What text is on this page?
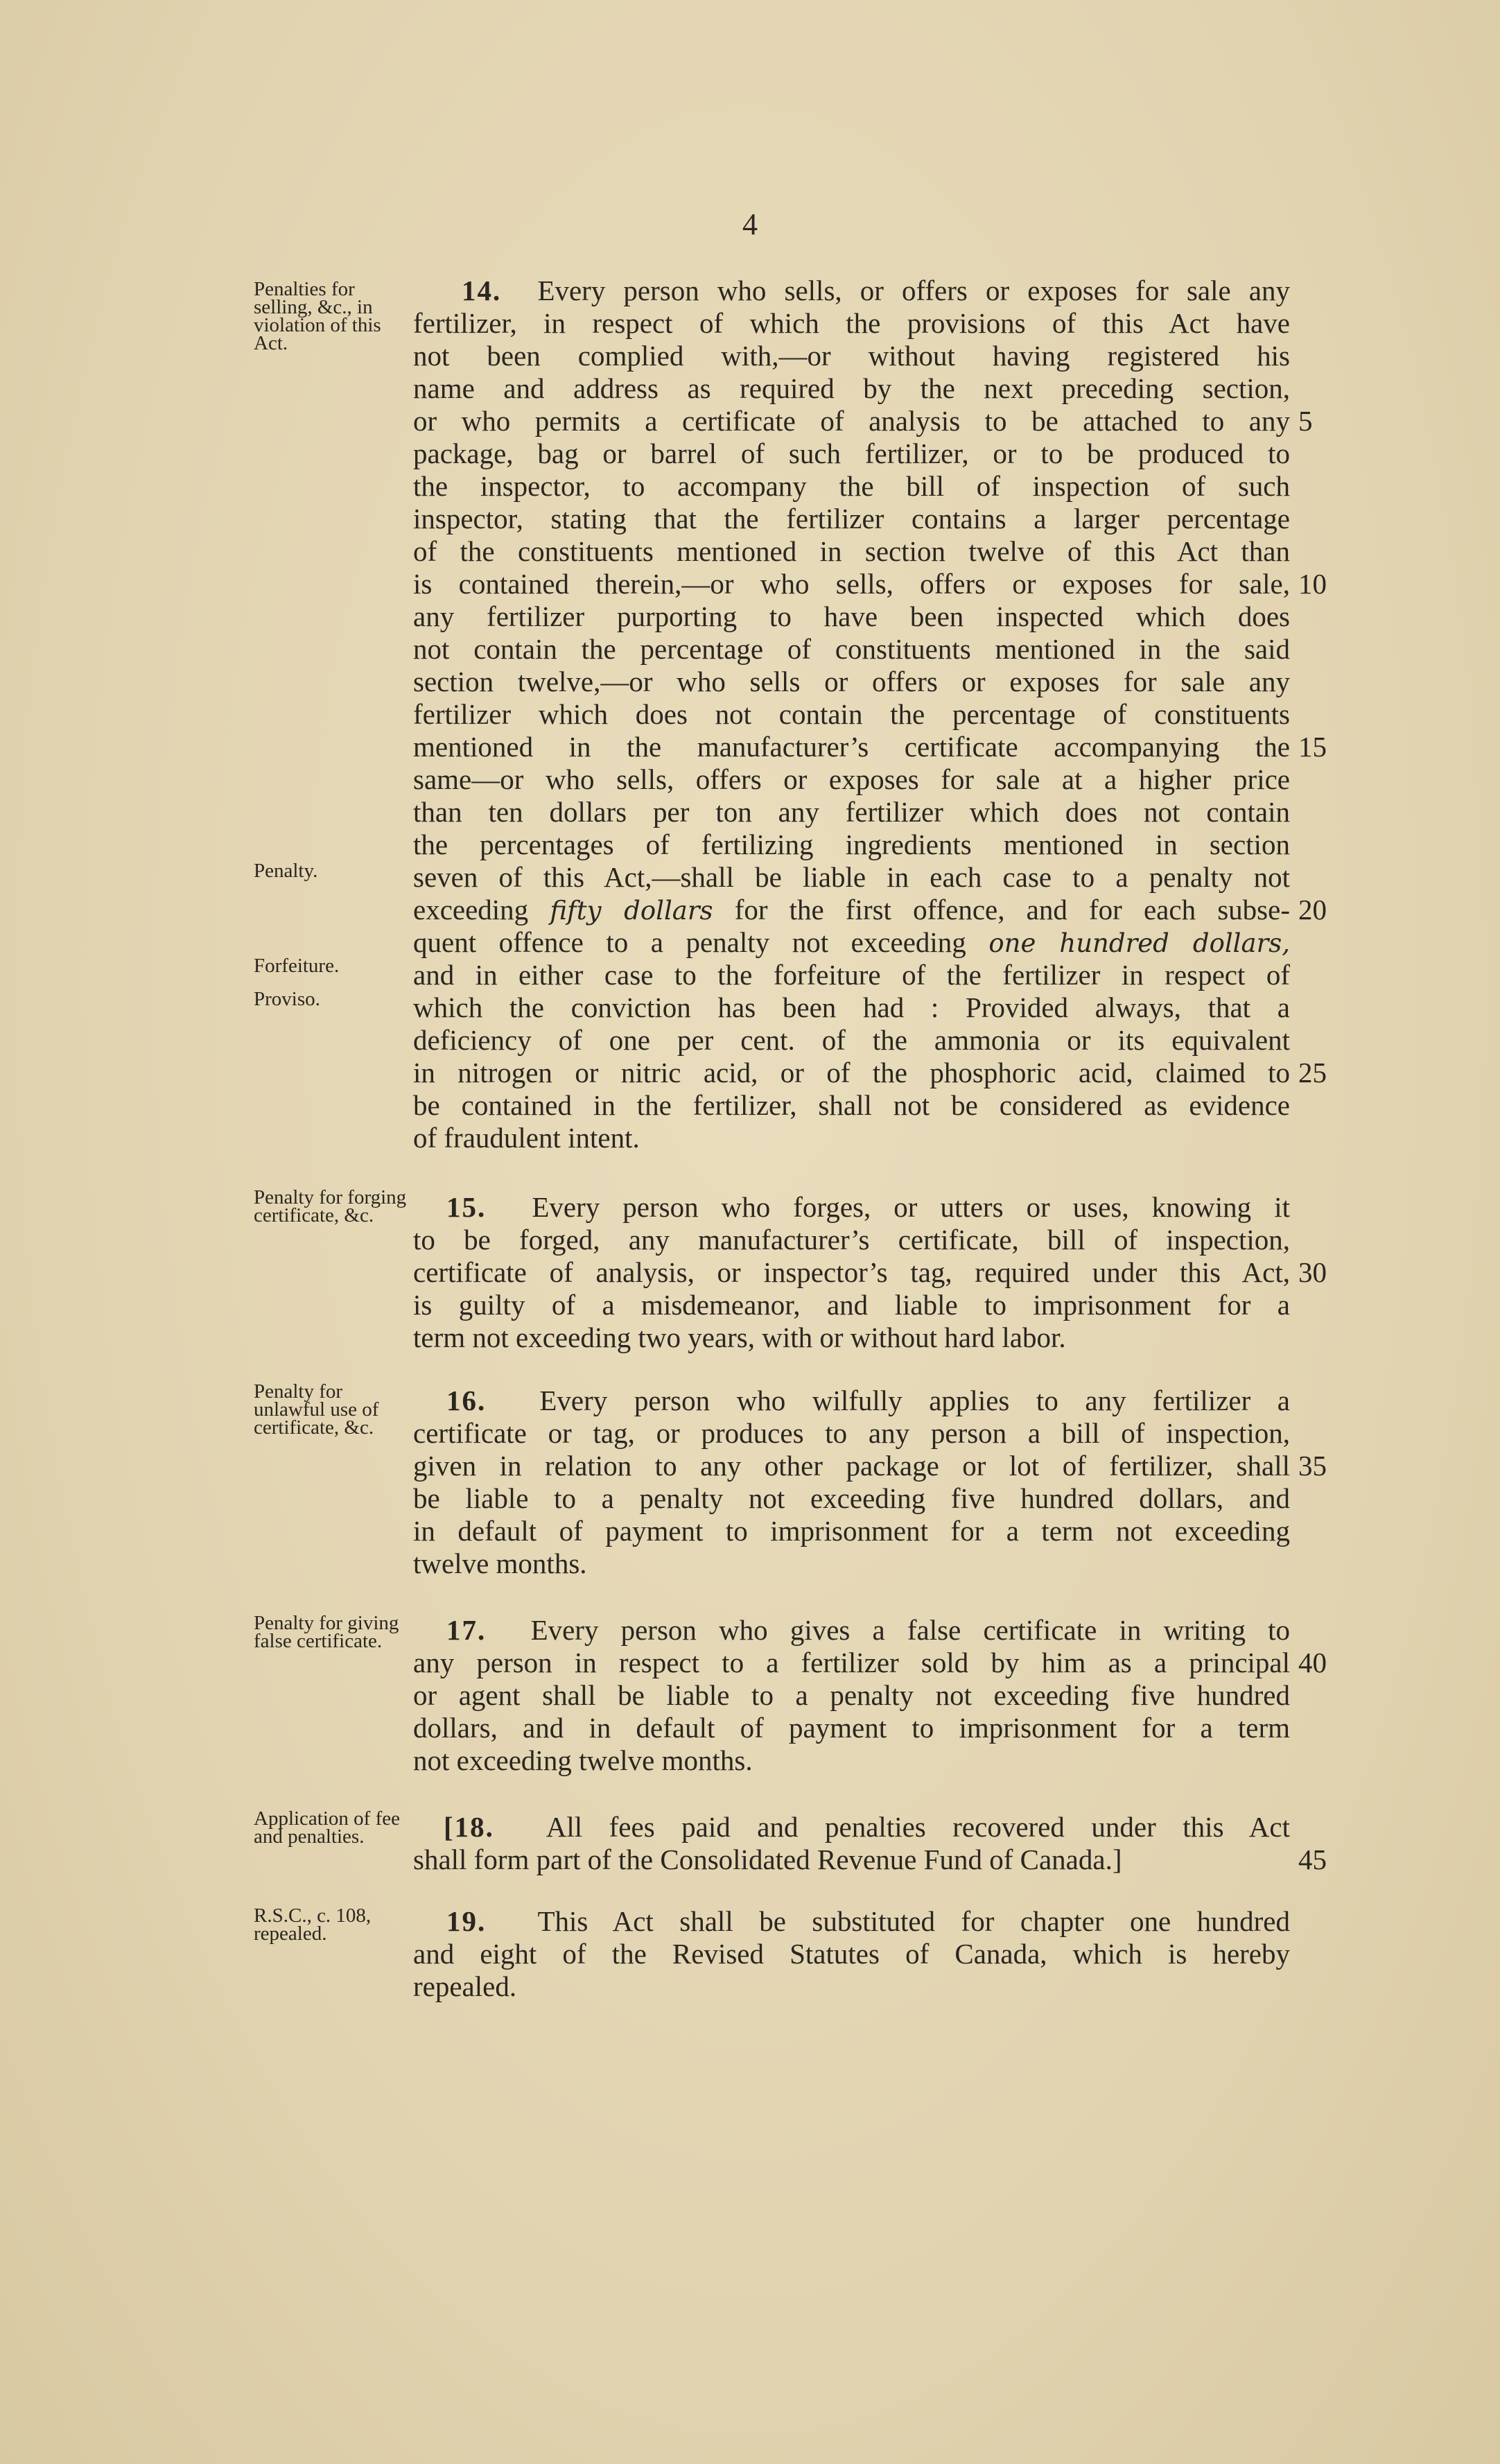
4
Penalties for selling, &c., in violation of this Act.
Penalty.
Forfeiture.
Proviso.
14. Every person who sells, or offers or exposes for sale any
fertilizer, in respect of which the provisions of this Act have
not been complied with,—or without having registered his
name and address as required by the next preceding section,
or who permits a certificate of analysis to be attached to any
package, bag or barrel of such fertilizer, or to be produced to
the inspector, to accompany the bill of inspection of such
inspector, stating that the fertilizer contains a larger percentage
of the constituents mentioned in section twelve of this Act than
is contained therein,—or who sells, offers or exposes for sale,
any fertilizer purporting to have been inspected which does
not contain the percentage of constituents mentioned in the said
section twelve,—or who sells or offers or exposes for sale any
fertilizer which does not contain the percentage of constituents
mentioned in the manufacturer’s certificate accompanying the
same—or who sells, offers or exposes for sale at a higher price
than ten dollars per ton any fertilizer which does not contain
the percentages of fertilizing ingredients mentioned in section
seven of this Act,—shall be liable in each case to a penalty not
exceeding fifty dollars for the first offence, and for each subse-
quent offence to a penalty not exceeding one hundred dollars,
and in either case to the forfeiture of the fertilizer in respect of
which the conviction has been had : Provided always, that a
deficiency of one per cent. of the ammonia or its equivalent
in nitrogen or nitric acid, or of the phosphoric acid, claimed to
be contained in the fertilizer, shall not be considered as evidence
of fraudulent intent.
Penalty for forging certificate, &c.	15. Every person who forges, or utters or uses, knowing it
to be forged, any manufacturer’s certificate, bill of inspection,
certificate of analysis, or inspector’s tag, required under this Act,
is guilty of a misdemeanor, and liable to imprisonment for a
term not exceeding two years, with or without hard labor.
Penalty for unlawful use of certificate, &c.
16. Every person who wilfully applies to any fertilizer a
certificate or tag, or produces to any person a bill of inspection,
given in relation to any other package or lot of fertilizer, shall
be liable to a penalty not exceeding five hundred dollars, and
in default of payment to imprisonment for a term not exceeding
twelve months.
Penalty for giving false certificate.	17. Every person who gives a false certificate in writing to
any person in respect to a fertilizer sold by him as a principal
or agent shall be liable to a penalty not exceeding five hundred
dollars, and in default of payment to imprisonment for a term
not exceeding twelve months.
Application of fee and penalties.	[18. All fees paid and penalties recovered under this Act
shall form part of the Consolidated Revenue Fund of Canada.]
R.S.C., c. 108, repealed.	19. This Act shall be substituted for chapter one hundred
and eight of the Revised Statutes of Canada, which is hereby
repealed.
5
10
15
20
25
30
35
40
45
